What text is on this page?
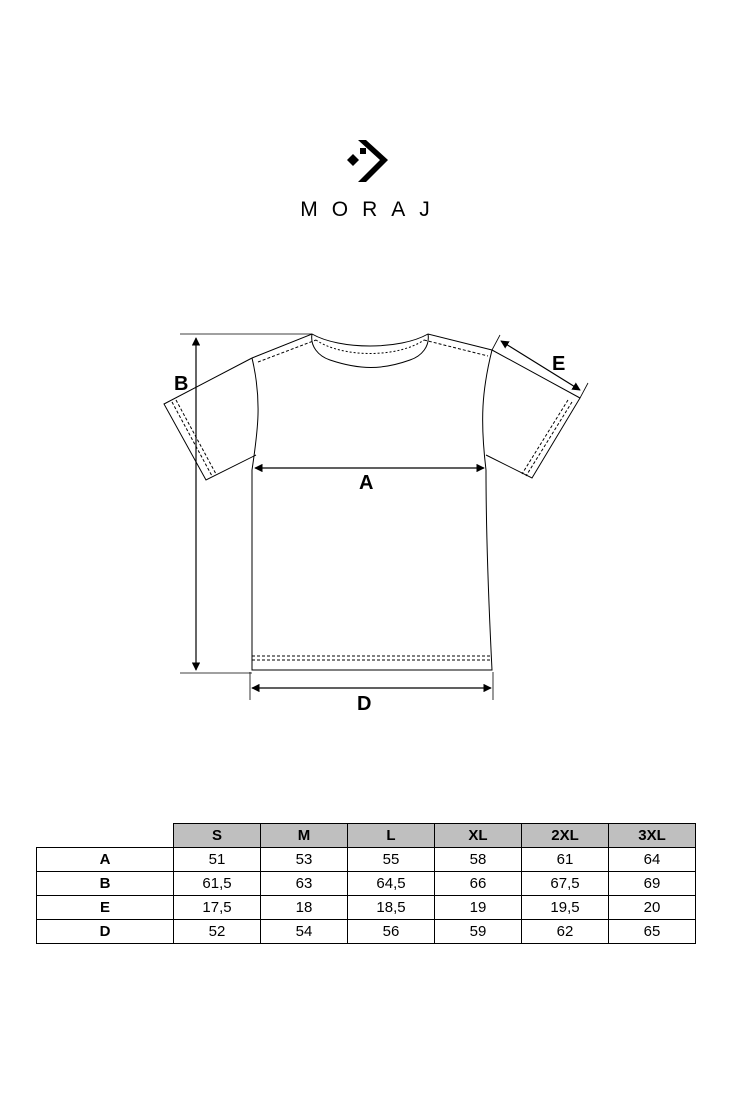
MORAJ
B
A
D
E
	S	M	L	XL	2XL	3XL
A	51	53	55	58	61	64
B	61,5	63	64,5	66	67,5	69
E	17,5	18	18,5	19	19,5	20
D	52	54	56	59	62	65
